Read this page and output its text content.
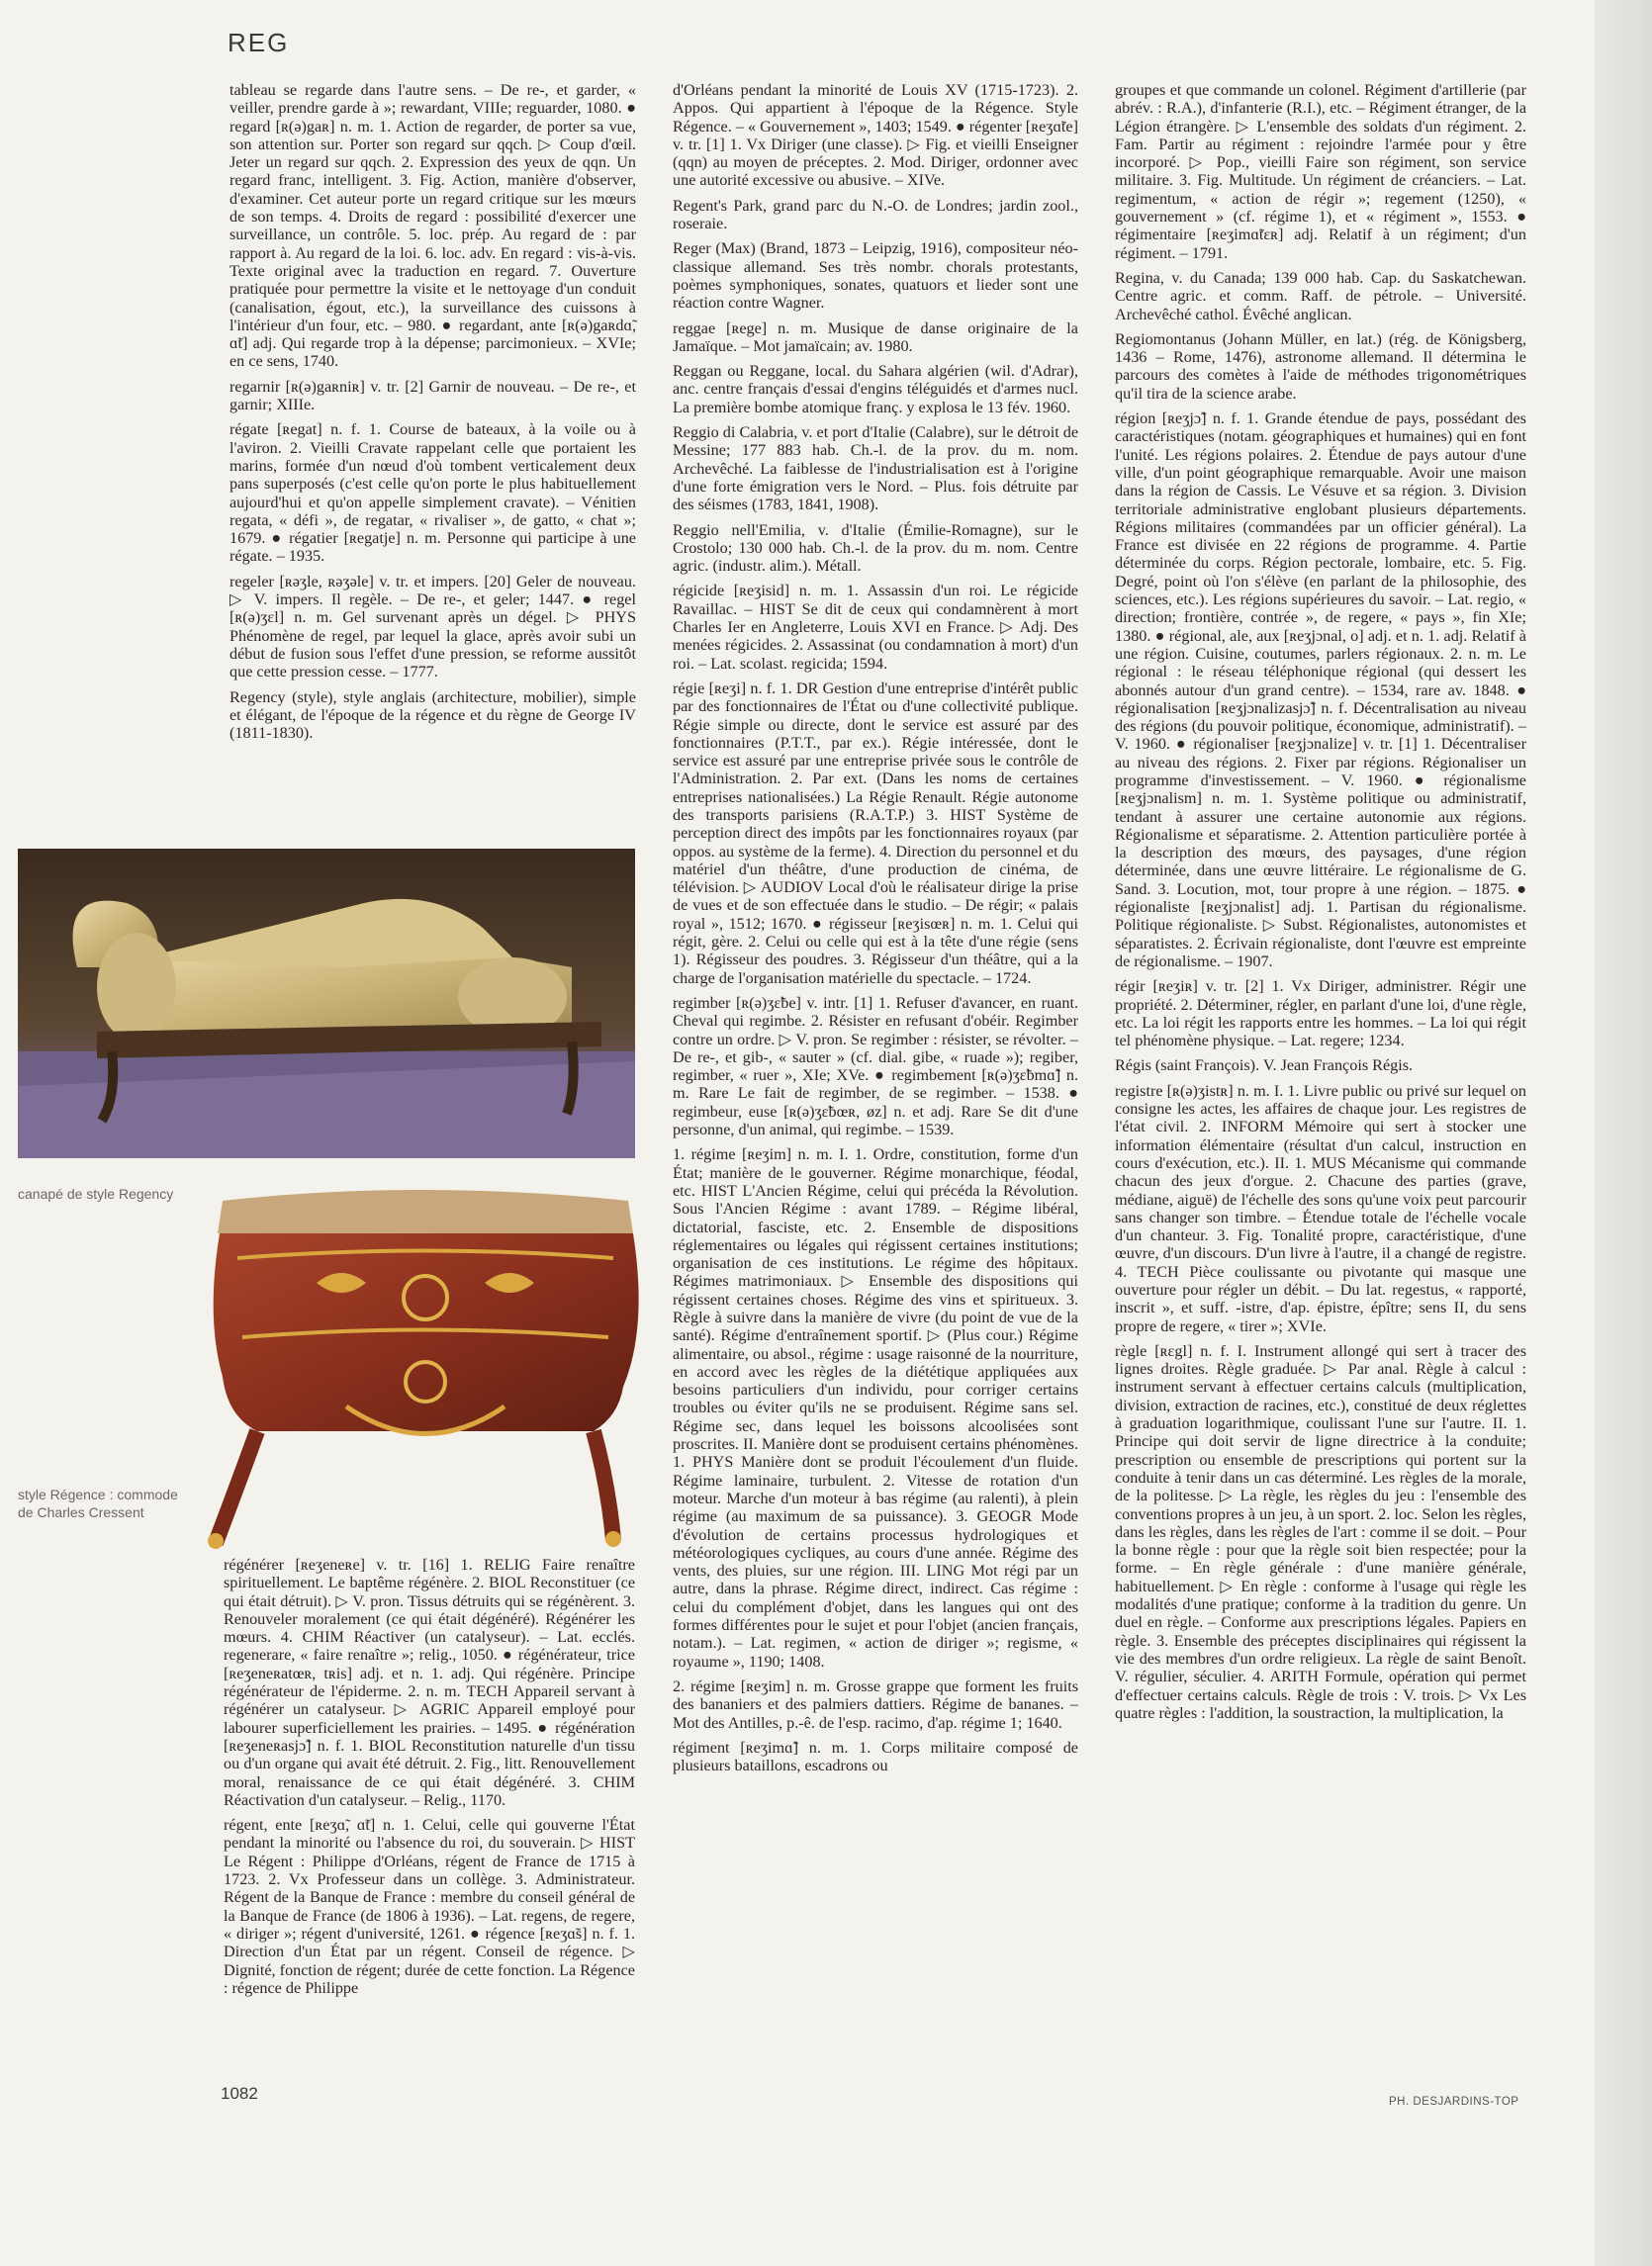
REG

tableau se regarde dans l'autre sens. – De re-, et garder, « veiller, prendre garde à »; rewardant, VIIIe; reguarder, 1080. ● regard [ʀ(ə)gaʀ] n. m. 1. Action de regarder, de porter sa vue, son attention sur. Porter son regard sur qqch. ▷ Coup d'œil. Jeter un regard sur qqch. 2. Expression des yeux de qqn. Un regard franc, intelligent. 3. Fig. Action, manière d'observer, d'examiner. Cet auteur porte un regard critique sur les mœurs de son temps. 4. Droits de regard : possibilité d'exercer une surveillance, un contrôle. 5. loc. prép. Au regard de : par rapport à. Au regard de la loi. 6. loc. adv. En regard : vis-à-vis. Texte original avec la traduction en regard. 7. Ouverture pratiquée pour permettre la visite et le nettoyage d'un conduit (canalisation, égout, etc.), la surveillance des cuissons à l'intérieur d'un four, etc. – 980. ● regardant, ante [ʀ(ə)gaʀdɑ̃, ɑ̃t] adj. Qui regarde trop à la dépense; parcimonieux. – XVIe; en ce sens, 1740.

regarnir [ʀ(ə)gaʀniʀ] v. tr. [2] Garnir de nouveau. – De re-, et garnir; XIIIe.

régate [ʀegat] n. f. 1. Course de bateaux, à la voile ou à l'aviron. 2. Vieilli Cravate rappelant celle que portaient les marins, formée d'un nœud d'où tombent verticalement deux pans superposés (c'est celle qu'on porte le plus habituellement aujourd'hui et qu'on appelle simplement cravate). – Vénitien regata, « défi », de regatar, « rivaliser », de gatto, « chat »; 1679. ● régatier [ʀegatje] n. m. Personne qui participe à une régate. – 1935.

regeler [ʀəʒle, ʀəʒəle] v. tr. et impers. [20] Geler de nouveau. ▷ V. impers. Il regèle. – De re-, et geler; 1447. ● regel [ʀ(ə)ʒɛl] n. m. Gel survenant après un dégel. ▷ PHYS Phénomène de regel, par lequel la glace, après avoir subi un début de fusion sous l'effet d'une pression, se reforme aussitôt que cette pression cesse. – 1777.

Regency (style), style anglais (architecture, mobilier), simple et élégant, de l'époque de la régence et du règne de George IV (1811-1830).

canapé de style Regency
style Régence : commode de Charles Cressent

régénérer [ʀeʒeneʀe] v. tr. [16] 1. RELIG Faire renaître spirituellement. Le baptême régénère. 2. BIOL Reconstituer (ce qui était détruit). ▷ V. pron. Tissus détruits qui se régénèrent. 3. Renouveler moralement (ce qui était dégénéré). Régénérer les mœurs. 4. CHIM Réactiver (un catalyseur). – Lat. ecclés. regenerare, « faire renaître »; relig., 1050. ● régénérateur, trice [ʀeʒeneʀatœʀ, tʀis] adj. et n. 1. adj. Qui régénère. Principe régénérateur de l'épiderme. 2. n. m. TECH Appareil servant à régénérer un catalyseur. ▷ AGRIC Appareil employé pour labourer superficiellement les prairies. – 1495. ● régénération [ʀeʒeneʀasjɔ̃] n. f. 1. BIOL Reconstitution naturelle d'un tissu ou d'un organe qui avait été détruit. 2. Fig., litt. Renouvellement moral, renaissance de ce qui était dégénéré. 3. CHIM Réactivation d'un catalyseur. – Relig., 1170.

régent, ente [ʀeʒɑ̃, ɑ̃t] n. 1. Celui, celle qui gouverne l'État pendant la minorité ou l'absence du roi, du souverain. ▷ HIST Le Régent : Philippe d'Orléans, régent de France de 1715 à 1723. 2. Vx Professeur dans un collège. 3. Administrateur. Régent de la Banque de France : membre du conseil général de la Banque de France (de 1806 à 1936). – Lat. regens, de regere, « diriger »; régent d'université, 1261. ● régence [ʀeʒɑ̃s] n. f. 1. Direction d'un État par un régent. Conseil de régence. ▷ Dignité, fonction de régent; durée de cette fonction. La Régence : régence de Philippe

d'Orléans pendant la minorité de Louis XV (1715-1723). 2. Appos. Qui appartient à l'époque de la Régence. Style Régence. – « Gouvernement », 1403; 1549. ● régenter [ʀeʒɑ̃te] v. tr. [1] 1. Vx Diriger (une classe). ▷ Fig. et vieilli Enseigner (qqn) au moyen de préceptes. 2. Mod. Diriger, ordonner avec une autorité excessive ou abusive. – XIVe.

Regent's Park, grand parc du N.-O. de Londres; jardin zool., roseraie.

Reger (Max) (Brand, 1873 – Leipzig, 1916), compositeur néo-classique allemand. Ses très nombr. chorals protestants, poèmes symphoniques, sonates, quatuors et lieder sont une réaction contre Wagner.

reggae [ʀege] n. m. Musique de danse originaire de la Jamaïque. – Mot jamaïcain; av. 1980.

Reggan ou Reggane, local. du Sahara algérien (wil. d'Adrar), anc. centre français d'essai d'engins téléguidés et d'armes nucl. La première bombe atomique franç. y explosa le 13 fév. 1960.

Reggio di Calabria, v. et port d'Italie (Calabre), sur le détroit de Messine; 177 883 hab. Ch.-l. de la prov. du m. nom. Archevêché. La faiblesse de l'industrialisation est à l'origine d'une forte émigration vers le Nord. – Plus. fois détruite par des séismes (1783, 1841, 1908).

Reggio nell'Emilia, v. d'Italie (Émilie-Romagne), sur le Crostolo; 130 000 hab. Ch.-l. de la prov. du m. nom. Centre agric. (industr. alim.). Métall.

régicide [ʀeʒisid] n. m. 1. Assassin d'un roi. Le régicide Ravaillac. – HIST Se dit de ceux qui condamnèrent à mort Charles Ier en Angleterre, Louis XVI en France. ▷ Adj. Des menées régicides. 2. Assassinat (ou condamnation à mort) d'un roi. – Lat. scolast. regicida; 1594.

régie [ʀeʒi] n. f. 1. DR Gestion d'une entreprise d'intérêt public par des fonctionnaires de l'État ou d'une collectivité publique. Régie simple ou directe, dont le service est assuré par des fonctionnaires (P.T.T., par ex.). Régie intéressée, dont le service est assuré par une entreprise privée sous le contrôle de l'Administration. 2. Par ext. (Dans les noms de certaines entreprises nationalisées.) La Régie Renault. Régie autonome des transports parisiens (R.A.T.P.) 3. HIST Système de perception direct des impôts par les fonctionnaires royaux (par oppos. au système de la ferme). 4. Direction du personnel et du matériel d'un théâtre, d'une production de cinéma, de télévision. ▷ AUDIOV Local d'où le réalisateur dirige la prise de vues et de son effectuée dans le studio. – De régir; « palais royal », 1512; 1670. ● régisseur [ʀeʒisœʀ] n. m. 1. Celui qui régit, gère. 2. Celui ou celle qui est à la tête d'une régie (sens 1). Régisseur des poudres. 3. Régisseur d'un théâtre, qui a la charge de l'organisation matérielle du spectacle. – 1724.

regimber [ʀ(ə)ʒɛ̃be] v. intr. [1] 1. Refuser d'avancer, en ruant. Cheval qui regimbe. 2. Résister en refusant d'obéir. Regimber contre un ordre. ▷ V. pron. Se regimber : résister, se révolter. – De re-, et gib-, « sauter » (cf. dial. gibe, « ruade »); regiber, regimber, « ruer », XIe; XVe. ● regimbement [ʀ(ə)ʒɛ̃bmɑ̃] n. m. Rare Le fait de regimber, de se regimber. – 1538. ● regimbeur, euse [ʀ(ə)ʒɛ̃bœʀ, øz] n. et adj. Rare Se dit d'une personne, d'un animal, qui regimbe. – 1539.

1. régime [ʀeʒim] n. m. I. 1. Ordre, constitution, forme d'un État; manière de le gouverner. Régime monarchique, féodal, etc. HIST L'Ancien Régime, celui qui précéda la Révolution. Sous l'Ancien Régime : avant 1789. – Régime libéral, dictatorial, fasciste, etc. 2. Ensemble de dispositions réglementaires ou légales qui régissent certaines institutions; organisation de ces institutions. Le régime des hôpitaux. Régimes matrimoniaux. ▷ Ensemble des dispositions qui régissent certaines choses. Régime des vins et spiritueux. 3. Règle à suivre dans la manière de vivre (du point de vue de la santé). Régime d'entraînement sportif. ▷ (Plus cour.) Régime alimentaire, ou absol., régime : usage raisonné de la nourriture, en accord avec les règles de la diététique appliquées aux besoins particuliers d'un individu, pour corriger certains troubles ou éviter qu'ils ne se produisent. Régime sans sel. Régime sec, dans lequel les boissons alcoolisées sont proscrites. II. Manière dont se produisent certains phénomènes. 1. PHYS Manière dont se produit l'écoulement d'un fluide. Régime laminaire, turbulent. 2. Vitesse de rotation d'un moteur. Marche d'un moteur à bas régime (au ralenti), à plein régime (au maximum de sa puissance). 3. GEOGR Mode d'évolution de certains processus hydrologiques et météorologiques cycliques, au cours d'une année. Régime des vents, des pluies, sur une région. III. LING Mot régi par un autre, dans la phrase. Régime direct, indirect. Cas régime : celui du complément d'objet, dans les langues qui ont des formes différentes pour le sujet et pour l'objet (ancien français, notam.). – Lat. regimen, « action de diriger »; regisme, « royaume », 1190; 1408.

2. régime [ʀeʒim] n. m. Grosse grappe que forment les fruits des bananiers et des palmiers dattiers. Régime de bananes. – Mot des Antilles, p.-ê. de l'esp. racimo, d'ap. régime 1; 1640.

régiment [ʀeʒimɑ̃] n. m. 1. Corps militaire composé de plusieurs bataillons, escadrons ou

groupes et que commande un colonel. Régiment d'artillerie (par abrév. : R.A.), d'infanterie (R.I.), etc. – Régiment étranger, de la Légion étrangère. ▷ L'ensemble des soldats d'un régiment. 2. Fam. Partir au régiment : rejoindre l'armée pour y être incorporé. ▷ Pop., vieilli Faire son régiment, son service militaire. 3. Fig. Multitude. Un régiment de créanciers. – Lat. regimentum, « action de régir »; regement (1250), « gouvernement » (cf. régime 1), et « régiment », 1553. ● régimentaire [ʀeʒimɑ̃tɛʀ] adj. Relatif à un régiment; d'un régiment. – 1791.

Regina, v. du Canada; 139 000 hab. Cap. du Saskatchewan. Centre agric. et comm. Raff. de pétrole. – Université. Archevêché cathol. Évêché anglican.

Regiomontanus (Johann Müller, en lat.) (rég. de Königsberg, 1436 – Rome, 1476), astronome allemand. Il détermina le parcours des comètes à l'aide de méthodes trigonométriques qu'il tira de la science arabe.

région [ʀeʒjɔ̃] n. f. 1. Grande étendue de pays, possédant des caractéristiques (notam. géographiques et humaines) qui en font l'unité. Les régions polaires. 2. Étendue de pays autour d'une ville, d'un point géographique remarquable. Avoir une maison dans la région de Cassis. Le Vésuve et sa région. 3. Division territoriale administrative englobant plusieurs départements. Régions militaires (commandées par un officier général). La France est divisée en 22 régions de programme. 4. Partie déterminée du corps. Région pectorale, lombaire, etc. 5. Fig. Degré, point où l'on s'élève (en parlant de la philosophie, des sciences, etc.). Les régions supérieures du savoir. – Lat. regio, « direction; frontière, contrée », de regere, « pays », fin XIe; 1380. ● régional, ale, aux [ʀeʒjɔnal, o] adj. et n. 1. adj. Relatif à une région. Cuisine, coutumes, parlers régionaux. 2. n. m. Le régional : le réseau téléphonique régional (qui dessert les abonnés autour d'un grand centre). – 1534, rare av. 1848. ● régionalisation [ʀeʒjɔnalizasjɔ̃] n. f. Décentralisation au niveau des régions (du pouvoir politique, économique, administratif). – V. 1960. ● régionaliser [ʀeʒjɔnalize] v. tr. [1] 1. Décentraliser au niveau des régions. 2. Fixer par régions. Régionaliser un programme d'investissement. – V. 1960. ● régionalisme [ʀeʒjɔnalism] n. m. 1. Système politique ou administratif, tendant à assurer une certaine autonomie aux régions. Régionalisme et séparatisme. 2. Attention particulière portée à la description des mœurs, des paysages, d'une région déterminée, dans une œuvre littéraire. Le régionalisme de G. Sand. 3. Locution, mot, tour propre à une région. – 1875. ● régionaliste [ʀeʒjɔnalist] adj. 1. Partisan du régionalisme. Politique régionaliste. ▷ Subst. Régionalistes, autonomistes et séparatistes. 2. Écrivain régionaliste, dont l'œuvre est empreinte de régionalisme. – 1907.

régir [ʀeʒiʀ] v. tr. [2] 1. Vx Diriger, administrer. Régir une propriété. 2. Déterminer, régler, en parlant d'une loi, d'une règle, etc. La loi régit les rapports entre les hommes. – La loi qui régit tel phénomène physique. – Lat. regere; 1234.

Régis (saint François). V. Jean François Régis.

registre [ʀ(ə)ʒistʀ] n. m. I. 1. Livre public ou privé sur lequel on consigne les actes, les affaires de chaque jour. Les registres de l'état civil. 2. INFORM Mémoire qui sert à stocker une information élémentaire (résultat d'un calcul, instruction en cours d'exécution, etc.). II. 1. MUS Mécanisme qui commande chacun des jeux d'orgue. 2. Chacune des parties (grave, médiane, aiguë) de l'échelle des sons qu'une voix peut parcourir sans changer son timbre. – Étendue totale de l'échelle vocale d'un chanteur. 3. Fig. Tonalité propre, caractéristique, d'une œuvre, d'un discours. D'un livre à l'autre, il a changé de registre. 4. TECH Pièce coulissante ou pivotante qui masque une ouverture pour régler un débit. – Du lat. regestus, « rapporté, inscrit », et suff. -istre, d'ap. épistre, épître; sens II, du sens propre de regere, « tirer »; XVIe.

règle [ʀɛgl] n. f. I. Instrument allongé qui sert à tracer des lignes droites. Règle graduée. ▷ Par anal. Règle à calcul : instrument servant à effectuer certains calculs (multiplication, division, extraction de racines, etc.), constitué de deux réglettes à graduation logarithmique, coulissant l'une sur l'autre. II. 1. Principe qui doit servir de ligne directrice à la conduite; prescription ou ensemble de prescriptions qui portent sur la conduite à tenir dans un cas déterminé. Les règles de la morale, de la politesse. ▷ La règle, les règles du jeu : l'ensemble des conventions propres à un jeu, à un sport. 2. loc. Selon les règles, dans les règles, dans les règles de l'art : comme il se doit. – Pour la bonne règle : pour que la règle soit bien respectée; pour la forme. – En règle générale : d'une manière générale, habituellement. ▷ En règle : conforme à l'usage qui règle les modalités d'une pratique; conforme à la tradition du genre. Un duel en règle. – Conforme aux prescriptions légales. Papiers en règle. 3. Ensemble des préceptes disciplinaires qui régissent la vie des membres d'un ordre religieux. La règle de saint Benoît. V. régulier, séculier. 4. ARITH Formule, opération qui permet d'effectuer certains calculs. Règle de trois : V. trois. ▷ Vx Les quatre règles : l'addition, la soustraction, la multiplication, la

1082	PH. DESJARDINS-TOP
